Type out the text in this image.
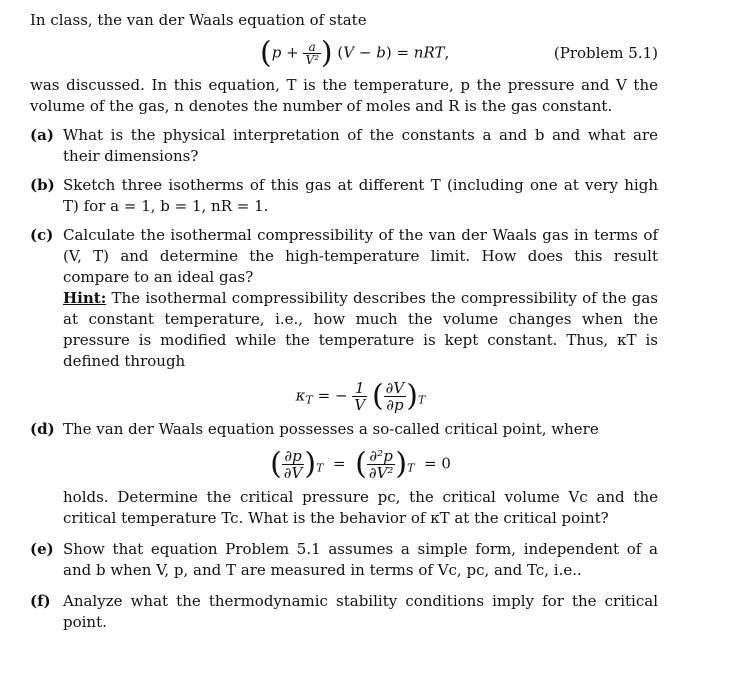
In class, the van der Waals equation of state

($p + \frac{a}{\text{V²}}$ ) (V − b) = nRT,	(Problem 5.1)

was discussed. In this equation, T is the temperature, p the pressure and V the volume of the gas, n denotes the number of moles and R is the gas constant.

(a) What is the physical interpretation of the constants a and b and what are their dimensions?
(b) Sketch three isotherms of this gas at different T (including one at very high T) for a = 1, b = 1, nR = 1.
(c) Calculate the isothermal compressibility of the van der Waals gas in terms of (V, T) and determine the high-temperature limit. How does this result compare to an ideal gas?
Hint: The isothermal compressibility describes the compressibility of the gas at constant temperature, i.e., how much the volume changes when the pressure is modified while the temperature is kept constant. Thus, κT is defined through
$\kappa_T$ = − $\frac{1}{V}$ ( $\frac{\partial V}{\partial p} )_T$
(d) The van der Waals equation possesses a so-called critical point, where
( $\frac{\partial p}{\partial V} )_T$  =  ( $\frac{\text{∂²p}}{\text{∂V²}} )_T = 0$
holds. Determine the critical pressure pc, the critical volume Vc and the critical temperature Tc. What is the behavior of κT at the critical point?
(e) Show that equation Problem 5.1 assumes a simple form, independent of a and b when V, p, and T are measured in terms of Vc, pc, and Tc, i.e..
(f) Analyze what the thermodynamic stability conditions imply for the critical point.
